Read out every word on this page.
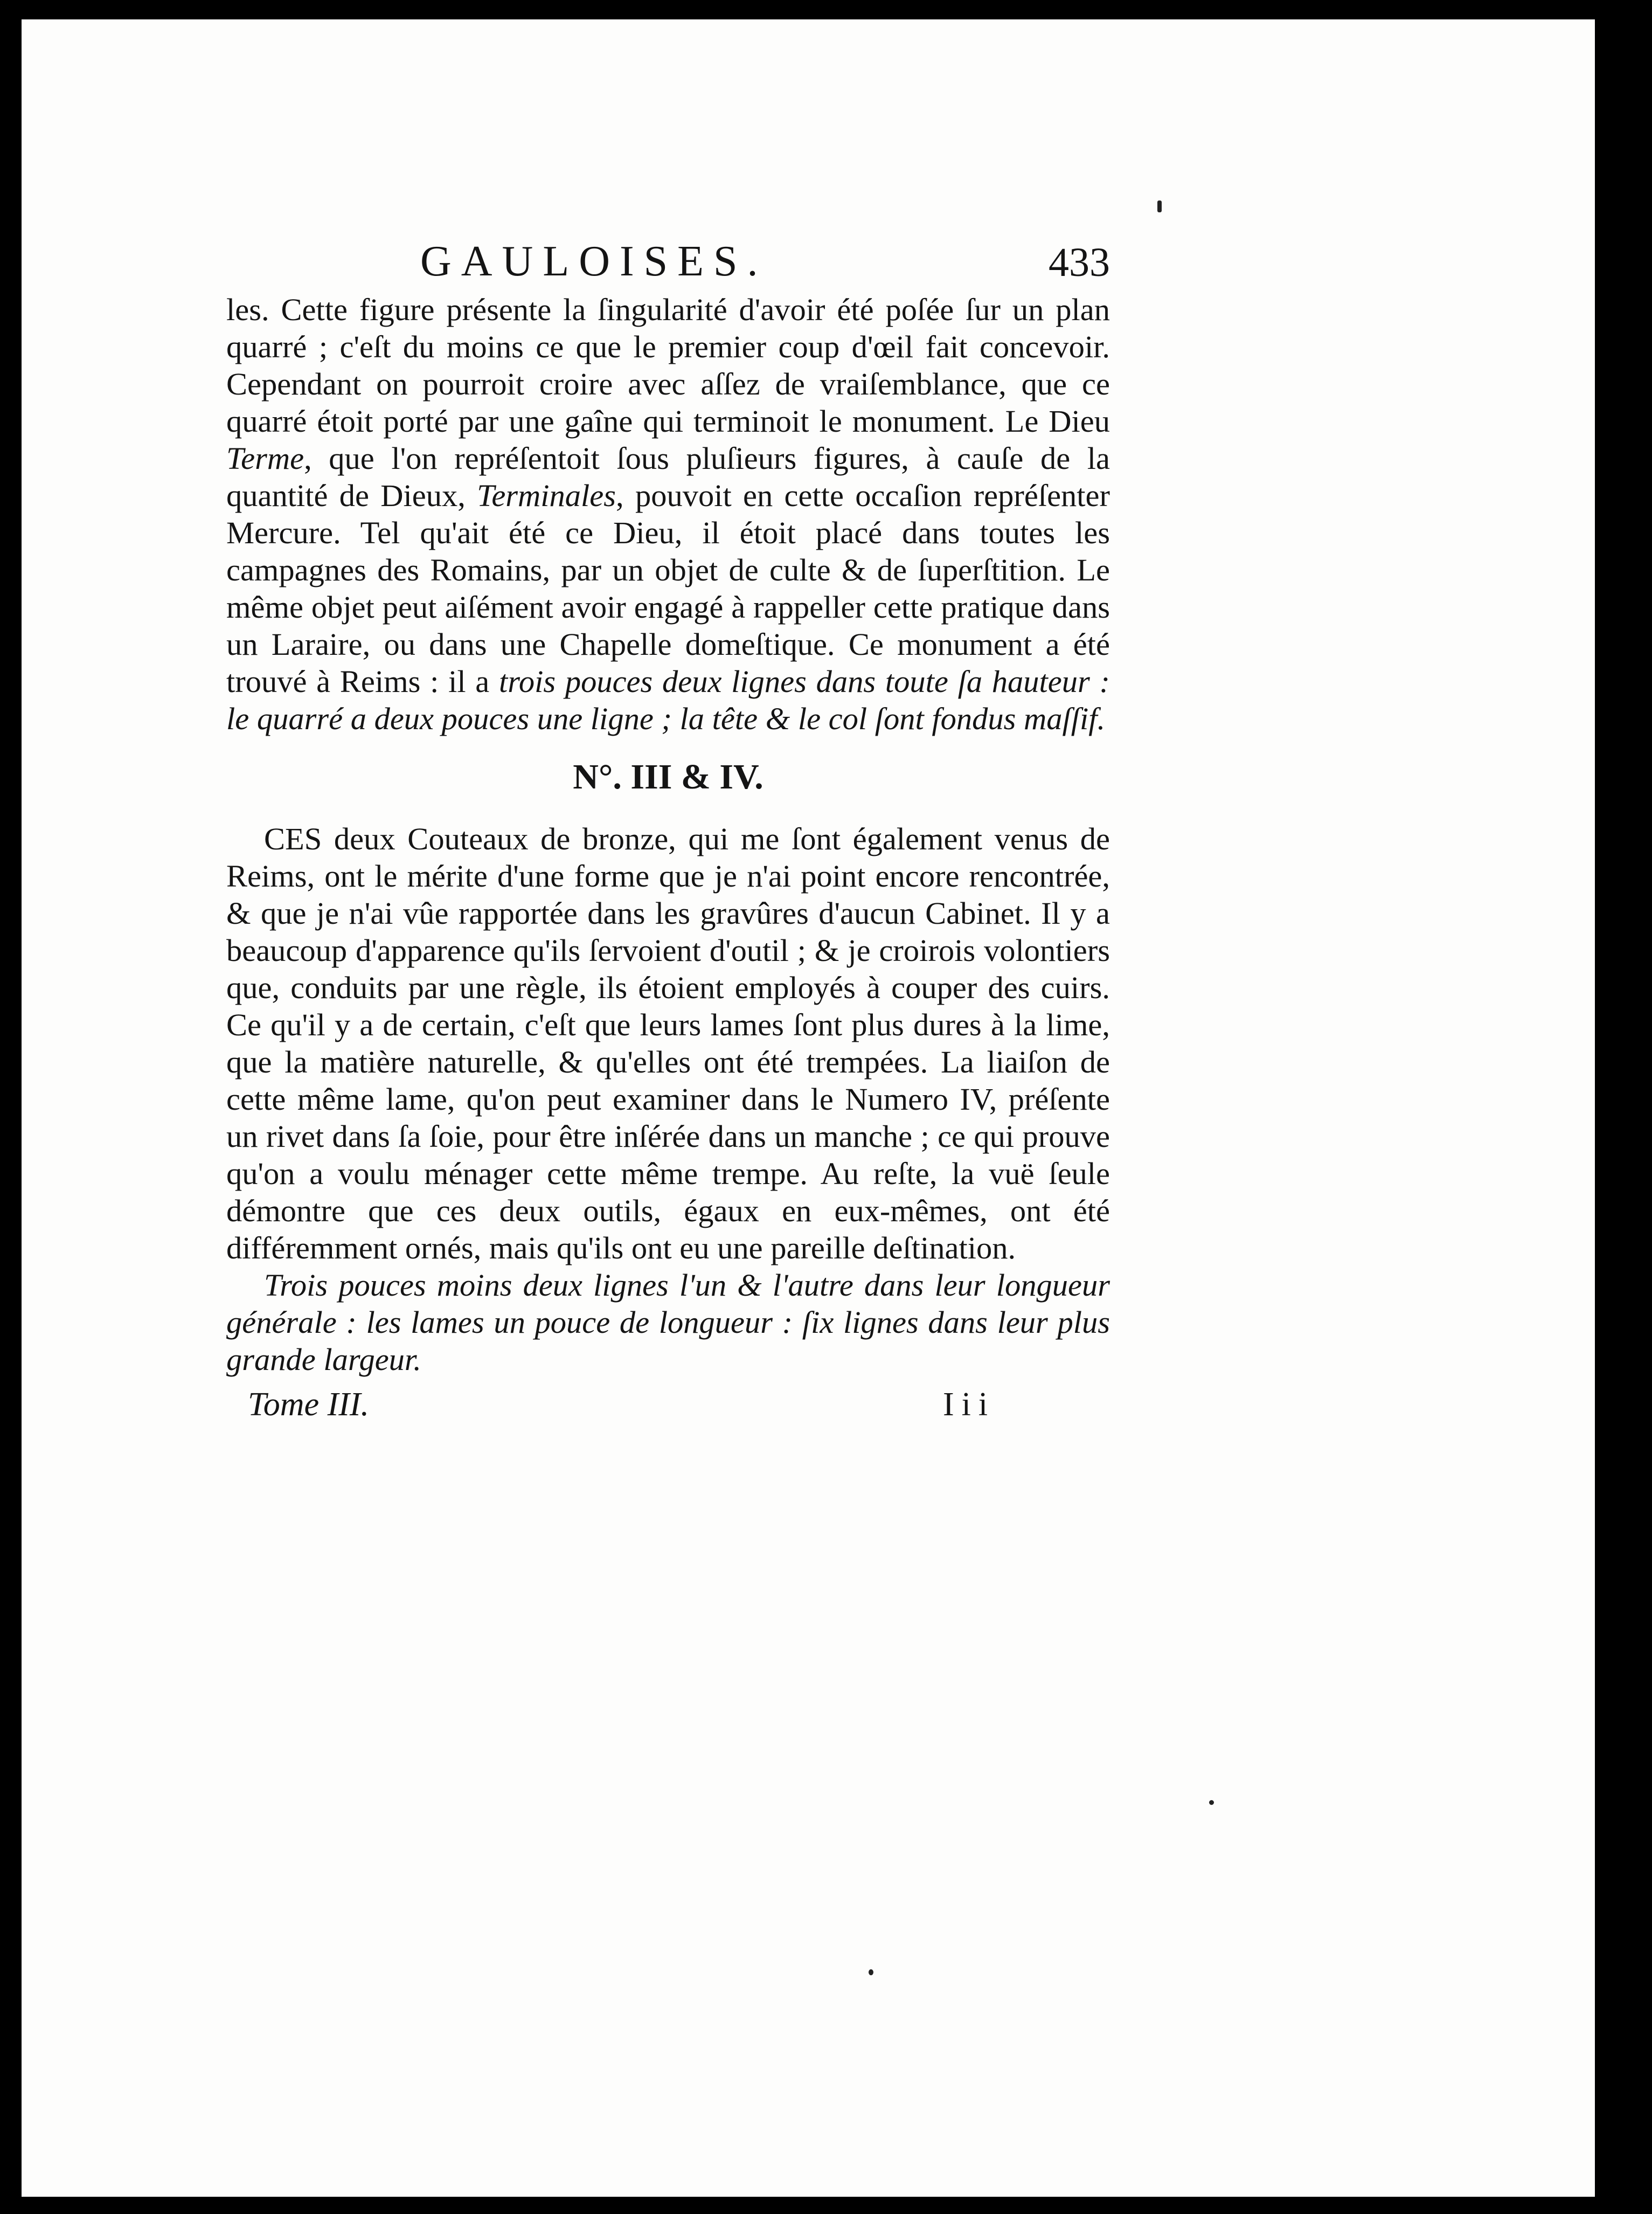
GAULOISES.	433

les. Cette figure présente la ſingularité d'avoir été poſée ſur un plan quarré ; c'eſt du moins ce que le premier coup d'œil fait concevoir. Cependant on pourroit croire avec aſſez de vraiſemblance, que ce quarré étoit porté par une gaîne qui terminoit le monument. Le Dieu Terme, que l'on repréſentoit ſous pluſieurs figures, à cauſe de la quantité de Dieux, Terminales, pouvoit en cette occaſion repréſenter Mercure. Tel qu'ait été ce Dieu, il étoit placé dans toutes les campagnes des Romains, par un objet de culte & de ſuperſtition. Le même objet peut aiſément avoir engagé à rappeller cette pratique dans un Laraire, ou dans une Chapelle domeſtique. Ce monument a été trouvé à Reims : il a trois pouces deux lignes dans toute ſa hauteur : le quarré a deux pouces une ligne ; la tête & le col ſont fondus maſſif.

N°. III & IV.

CES deux Couteaux de bronze, qui me ſont également venus de Reims, ont le mérite d'une forme que je n'ai point encore rencontrée, & que je n'ai vûe rapportée dans les gravûres d'aucun Cabinet. Il y a beaucoup d'apparence qu'ils ſervoient d'outil ; & je croirois volontiers que, conduits par une règle, ils étoient employés à couper des cuirs. Ce qu'il y a de certain, c'eſt que leurs lames ſont plus dures à la lime, que la matière naturelle, & qu'elles ont été trempées. La liaiſon de cette même lame, qu'on peut examiner dans le Numero IV, préſente un rivet dans ſa ſoie, pour être inſérée dans un manche ; ce qui prouve qu'on a voulu ménager cette même trempe. Au reſte, la vuë ſeule démontre que ces deux outils, égaux en eux-mêmes, ont été différemment ornés, mais qu'ils ont eu une pareille deſtination.

Trois pouces moins deux lignes l'un & l'autre dans leur longueur générale : les lames un pouce de longueur : ſix lignes dans leur plus grande largeur.

Tome III.	Iii
